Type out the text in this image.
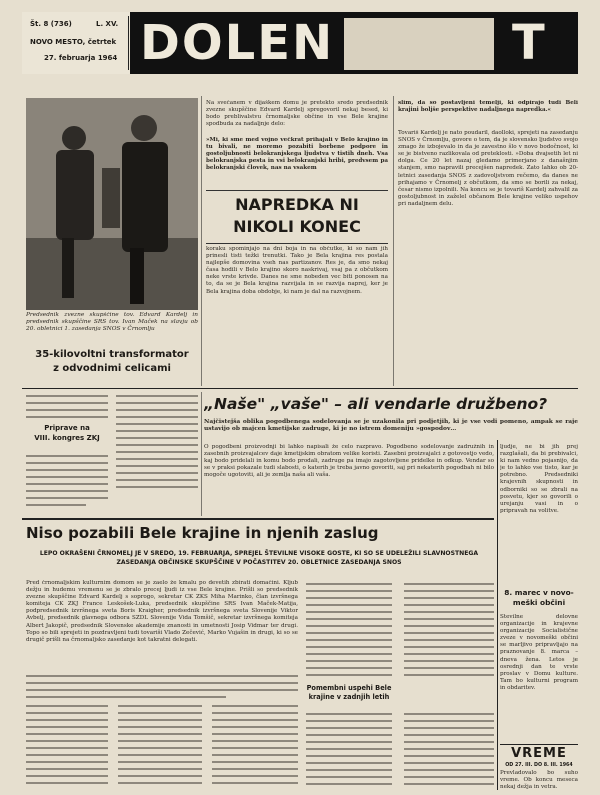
Št. 8 (736)	L. XV.
NOVO MESTO, četrtek
27. februarja 1964 DOLEN	T
Predsednik zvezne skupščine tov. Edvard Kardelj in predsednik skupščine SRS tov. Ivan Maček na slavju ob 20. obletnici 1. zasedanja SNOS v Črnomlju
Na svečanem v dijaškem domu je pretekto sredo predsednik zvezne skupščine Edvard Kardelj spregovoril nekaj besed, ki bodo preblivalstvu črnomaljske občine in vse Bele krajine spodbuda za nadaljnje delo:
»Mi, ki sme med vojno večkrat prihajali v Belo krajino in tu bivali, ne moremo pozabiti borbene podpore in gostoljubnosti belokranjskega ljudstva v tistih dneh. Vsa belokranjska pesta in vsi belokranjski hribi, predvsem pa belokranjski človek, nas na vsakem
NAPREDKA NI
NIKOLI KONEC
koraku spominjajo na dni boja in na občutke, ki so nam jih prinesli tisti težki trenutki. Tako je Bela krajina res postala najlepše domovina vseh nas partizanov. Res je, da smo nekaj časa hodili v Belo krajino skoro naskrivaj, vsaj pa z občutkom neke vrste krivde. Danes ne sme nobeden vec biti ponosen na to, da se je Bela krajina razvijala in se razvija naprej, ker je Bela krajina doba obdobje, ki nam je dal na razvojnem.
slim, da so postavljeni temelji, ki odpirajo tudi Beli krajini boljše perspektive nadaljnega napredka.«
Tovariš Kardelj je nato poudaril, daolloki, sprejeti na zasedanju SNOS v Črnomlju, govore o tem, da je slovensko ljudstvo svojo zmago že izbojevalo in da je zavestno šlo v novo bodočnost, ki se je bistveno razlikovala od preteklosti. »Doba dvajsetih let ni dolga. Ce 20 let nazaj gledamo primerjano z današnjim stanjem, smo napravili precejšen napredek. Zato lahko ob 20-letnici zasedanja SNOS z zadovoljstvom rečemo, da danes ne prihajamo v Črnomelj z občutkom, da smo se borili za nekaj, česar nismo izpolnili. Na koncu se je tovariš Kardelj zahvalil za gostoljubnost in zaželel občanom Bele krajine veliko uspehov pri nadaljnem delu.
35-kilovoltni transformator
z odvodnimi celicami
Priprave na
VIII. kongres ZKJ
„Naše" „vaše" – ali vendarle družbeno?
Najčistejša oblika pogodbenega sodelovanja se je uzakonila pri podjetjih, ki je vse vodi pomeno, ampak se raje ustavijo ob majcen kmetijske zadruge, ki je no istrem domeniju »gospodov…
O pogodbeni proizvodnji bi lahko napisali že celo razpravo. Pogodbeno sodelovanje zadružnih in zasebnih proizvajalcev daje kmetijskim obratom velike koristi. Zasebni proizvajalci z gotovostjo vedo, kaj bodo pridelali in komu bodo prodali, zadruge pa imajo zagotovljene pridelke in odkup. Vendar so se v praksi pokazale tudi slabosti, o katerih je treba javno govoriti, saj pri nekaterih pogodbah ni bilo mogoče ugotoviti, ali je zemlja naša ali vaša.
ljudje, ne bi jih prej razglašali, da bi prebivalci, ki nam vedno pojasnijo, da je to lahko vse tisto, kar je potrebno. Predsedniki krajevnih skupnosti in odborniki so se zbrali na posvetu, kjer so govorili o urejanju vasi in o pripravah na volitve.
Niso pozabili Bele krajine in njenih zaslug
LEPO OKRAŠENI ČRNOMELJ JE V SREDO, 19. FEBRUARJA, SPREJEL ŠTEVILNE VISOKE GOSTE, KI SO SE UDELEŽILI SLAVNOSTNEGA ZASEDANJA OBČINSKE SKUPŠČINE V POČASTITEV 20. OBLETNICE ZASEDANJA SNOS
Pred črnomaljskim kulturnim domom se je zaelo že kmalu po devetih zbirati domačini. Kljub dežju in hudemu vremenu se je zbralo precej ljudi iz vse Bele krajine. Prišli so predsednik zvezne skupščine Edvard Kardelj s soprogo, sekretar CK ZKS Miha Marinko, član izvršnega komiteja CK ZKJ France Leskošek-Luka, predsednik skupščine SRS Ivan Maček-Matija, podpredsednik izvršnega sveta Boris Kraigher, predsednik izvršnega sveta Slovenije Viktor Avbelj, predsednik glavnega odbora SZDL Slovenije Vida Tomšič, sekretar izvršnega komiteja Albert Jakopič, predsednik Slovenske akademije znanosti in umetnosti Josip Vidmar ter drugi. Topo so bili sprejeti in pozdravljeni tudi tovariši Vlado Zečević, Marko Vujašin in drugi, ki so se drugič prišli na črnomaljsko zasedanje kot takratni delegati.
Pomembni uspehi Bele
krajine v zadnjih letih
8. marec v novo-
meški občini
Stevilne delovne organizacije in krajevne organizacije Socialistične zveze v novomeški občini se marljivo pripravljajo na praznovanje 8. marca – dneva žena. Letos je osrednji dan te vrste proslav v Domu kulture. Tam bo kulturni program in obdaritev.
VREME
OD 27. III. DO 8. III. 1964
Prevladovalo bo suho vreme. Ob koncu meseca nekaj dežja in vetra.
